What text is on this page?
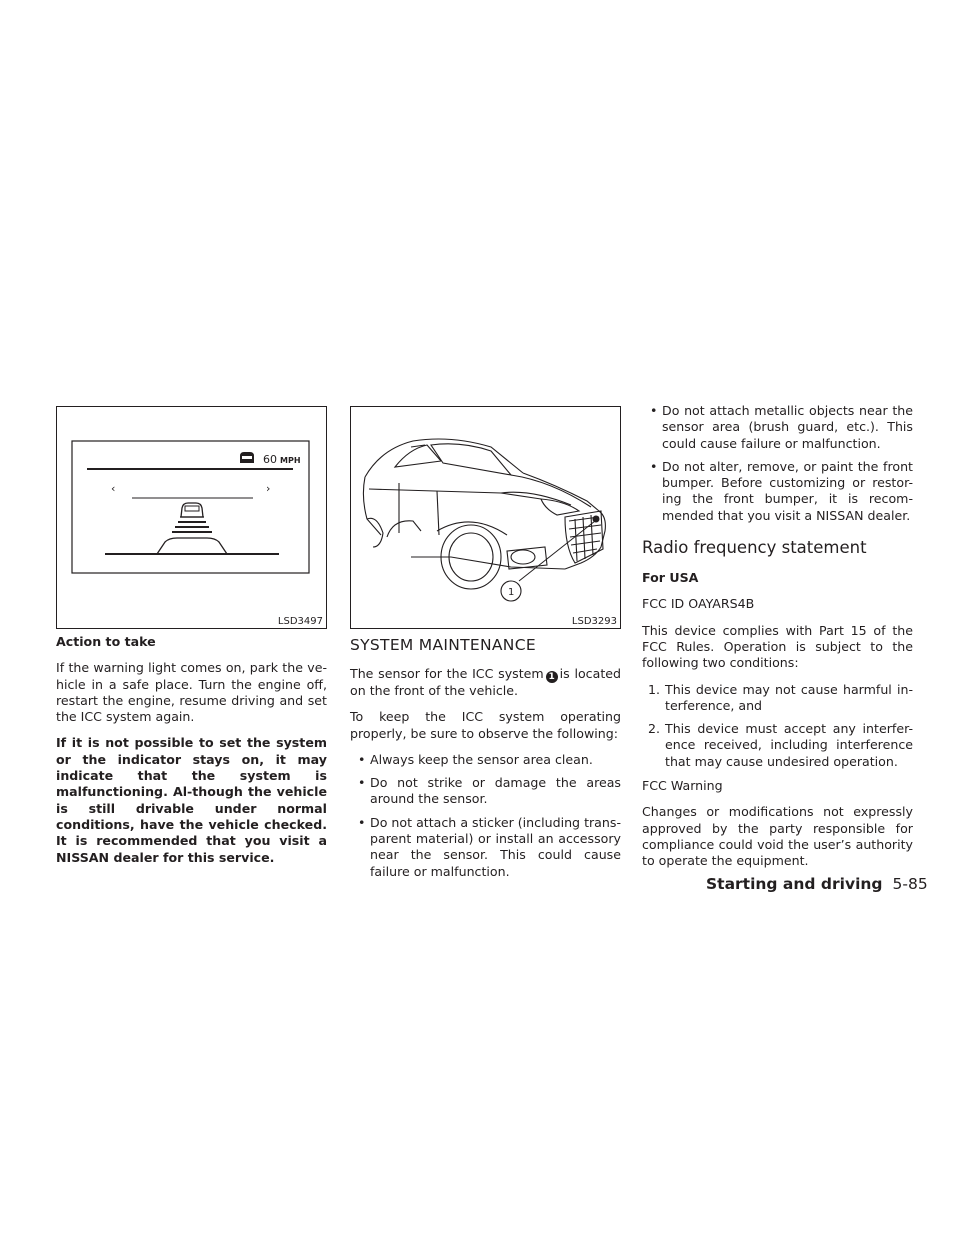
60 MPH
‹	›
LSD3497
1
LSD3293

Action to take

If the warning light comes on, park the ve-hicle in a safe place. Turn the engine off, restart the engine, resume driving and set the ICC system again.

If it is not possible to set the system or the indicator stays on, it may indicate that the system is malfunctioning. Al-though the vehicle is still drivable under normal conditions, have the vehicle checked. It is recommended that you visit a NISSAN dealer for this service.

SYSTEM MAINTENANCE

The sensor for the ICC system 1 is located on the front of the vehicle.

To keep the ICC system operating properly, be sure to observe the following:

• Always keep the sensor area clean.
• Do not strike or damage the areas around the sensor.
• Do not attach a sticker (including trans-parent material) or install an accessory near the sensor. This could cause failure or malfunction.
• Do not attach metallic objects near the sensor area (brush guard, etc.). This could cause failure or malfunction.
• Do not alter, remove, or paint the front bumper. Before customizing or restor-ing the front bumper, it is recom-mended that you visit a NISSAN dealer.
Radio frequency statement

For USA

FCC ID OAYARS4B

This device complies with Part 15 of the FCC Rules. Operation is subject to the following two conditions:

1. This device may not cause harmful in-terference, and
2. This device must accept any interfer-ence received, including interference that may cause undesired operation.

FCC Warning

Changes or modifications not expressly approved by the party responsible for compliance could void the user’s authority to operate the equipment.

Starting and driving 5-85
